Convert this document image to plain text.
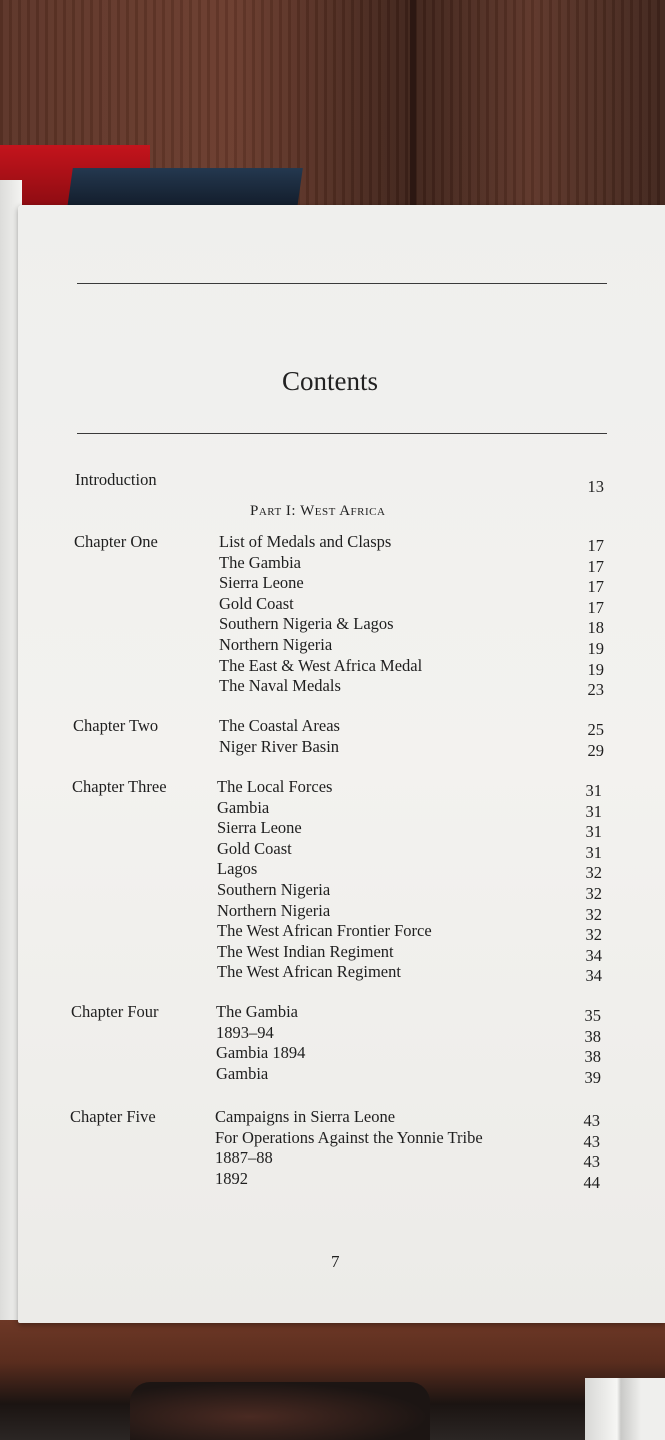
Contents
Introduction	13
Part I: West Africa
Chapter One	List of Medals and Clasps	17
The Gambia	17
Sierra Leone	17
Gold Coast	17
Southern Nigeria & Lagos	18
Northern Nigeria	19
The East & West Africa Medal	19
The Naval Medals	23
Chapter Two	The Coastal Areas	25
Niger River Basin	29
Chapter Three	The Local Forces	31
Gambia	31
Sierra Leone	31
Gold Coast	31
Lagos	32
Southern Nigeria	32
Northern Nigeria	32
The West African Frontier Force	32
The West Indian Regiment	34
The West African Regiment	34
Chapter Four	The Gambia	35
1893–94	38
Gambia 1894	38
Gambia	39
Chapter Five	Campaigns in Sierra Leone	43
For Operations Against the Yonnie Tribe	43
1887–88	43
1892	44
7
